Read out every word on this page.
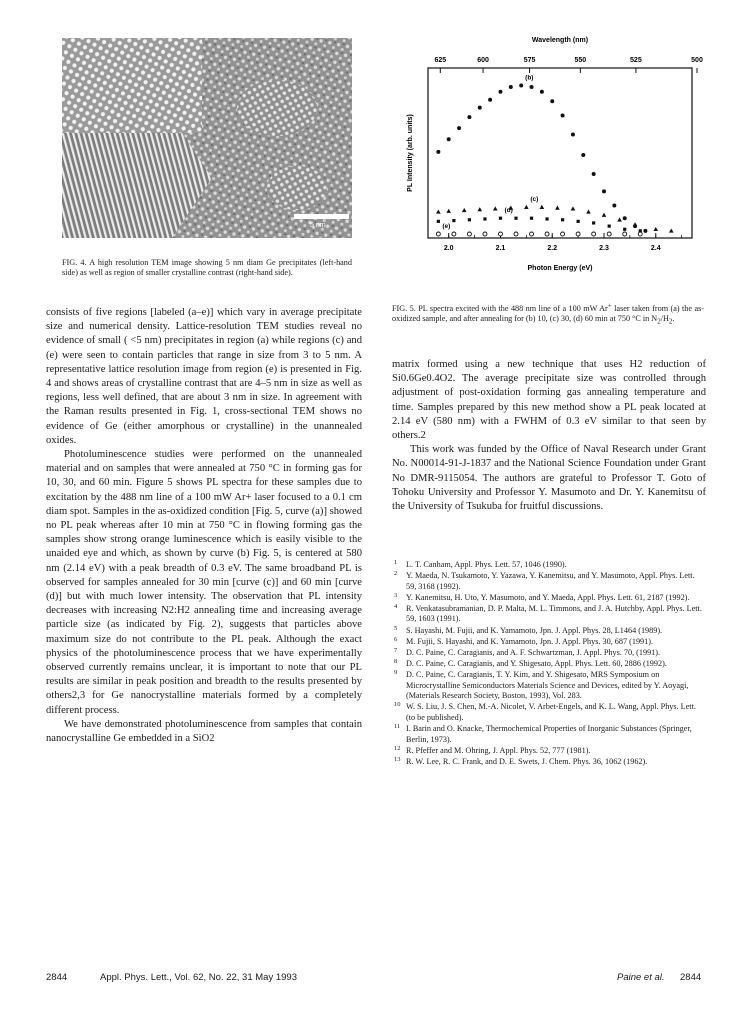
5 nm
FIG. 4. A high resolution TEM image showing 5 nm diam Ge precipitates (left-hand side) as well as region of smaller crystalline contrast (right-hand side).
Wavelength (nm)
625	600	575	550	525	500
2.0	2.1	2.2	2.3	2.4
Photon Energy (eV)
PL Intensity (arb. units)
(b)
(c)
(d)
(e)
FIG. 5. PL spectra excited with the 488 nm line of a 100 mW Ar+ laser taken from (a) the as-oxidized sample, and after annealing for (b) 10, (c) 30, (d) 60 min at 750 °C in $N_2/H_2$.

consists of five regions [labeled (a–e)] which vary in average precipitate size and numerical density. Lattice-resolution TEM studies reveal no evidence of small ( <5 nm) precipitates in region (a) while regions (c) and (e) were seen to contain particles that range in size from 3 to 5 nm. A representative lattice resolution image from region (e) is presented in Fig. 4 and shows areas of crystalline contrast that are 4–5 nm in size as well as regions, less well defined, that are about 3 nm in size. In agreement with the Raman results presented in Fig. 1, cross-sectional TEM shows no evidence of Ge (either amorphous or crystalline) in the unannealed oxides.

Photoluminescence studies were performed on the unannealed material and on samples that were annealed at 750 °C in forming gas for 10, 30, and 60 min. Figure 5 shows PL spectra for these samples due to excitation by the 488 nm line of a 100 mW Ar+ laser focused to a 0.1 cm diam spot. Samples in the as-oxidized condition [Fig. 5, curve (a)] showed no PL peak whereas after 10 min at 750 °C in flowing forming gas the samples show strong orange luminescence which is easily visible to the unaided eye and which, as shown by curve (b) Fig. 5, is centered at 580 nm (2.14 eV) with a peak breadth of 0.3 eV. The same broadband PL is observed for samples annealed for 30 min [curve (c)] and 60 min [curve (d)] but with much lower intensity. The observation that PL intensity decreases with increasing N2:H2 annealing time and increasing average particle size (as indicated by Fig. 2), suggests that particles above maximum size do not contribute to the PL peak. Although the exact physics of the photoluminescence process that we have experimentally observed currently remains unclear, it is important to note that our PL results are similar in peak position and breadth to the results presented by others2,3 for Ge nanocrystalline materials formed by a completely different process.

We have demonstrated photoluminescence from samples that contain nanocrystalline Ge embedded in a SiO2

matrix formed using a new technique that uses H2 reduction of Si0.6Ge0.4O2. The average precipitate size was controlled through adjustment of post-oxidation forming gas annealing temperature and time. Samples prepared by this new method show a PL peak located at 2.14 eV (580 nm) with a FWHM of 0.3 eV similar to that seen by others.2

This work was funded by the Office of Naval Research under Grant No. N00014-91-J-1837 and the National Science Foundation under Grant No DMR-9115054. The authors are grateful to Professor T. Goto of Tohoku University and Professor Y. Masumoto and Dr. Y. Kanemitsu of the University of Tsukuba for fruitful discussions.

1 L. T. Canham, Appl. Phys. Lett. 57, 1046 (1990).
2 Y. Maeda, N. Tsukamoto, Y. Yazawa, Y. Kanemitsu, and Y. Masumoto, Appl. Phys. Lett. 59, 3168 (1992).
3 Y. Kanemitsu, H. Uto, Y. Masumoto, and Y. Maeda, Appl. Phys. Lett. 61, 2187 (1992).
4 R. Venkatasubramanian, D. P. Malta, M. L. Timmons, and J. A. Hutchby, Appl. Phys. Lett. 59, 1603 (1991).
5 S. Hayashi, M. Fujii, and K. Yamamoto, Jpn. J. Appl. Phys. 28, L1464 (1989).
6 M. Fujii, S. Hayashi, and K. Yamamoto, Jpn. J. Appl. Phys. 30, 687 (1991).
7 D. C. Paine, C. Caragianis, and A. F. Schwartzman, J. Appl. Phys. 70, (1991).
8 D. C. Paine, C. Caragianis, and Y. Shigesato, Appl. Phys. Lett. 60, 2886 (1992).
9 D. C. Paine, C. Caragianis, T. Y. Kim, and Y. Shigesato, MRS Symposium on Microcrystalline Semiconductors Materials Science and Devices, edited by Y. Aoyagi, (Materials Research Society, Boston, 1993), Vol. 283.
10 W. S. Liu, J. S. Chen, M.-A. Nicolet, V. Arbet-Engels, and K. L. Wang, Appl. Phys. Lett. (to be published).
11 I. Barin and O. Knacke, Thermochemical Properties of Inorganic Substances (Springer, Berlin, 1973).
12 R. Pfeffer and M. Ohring, J. Appl. Phys. 52, 777 (1981).
13 R. W. Lee, R. C. Frank, and D. E. Swets, J. Chem. Phys. 36, 1062 (1962).
2844	Appl. Phys. Lett., Vol. 62, No. 22, 31 May 1993	Paine et al. 2844
